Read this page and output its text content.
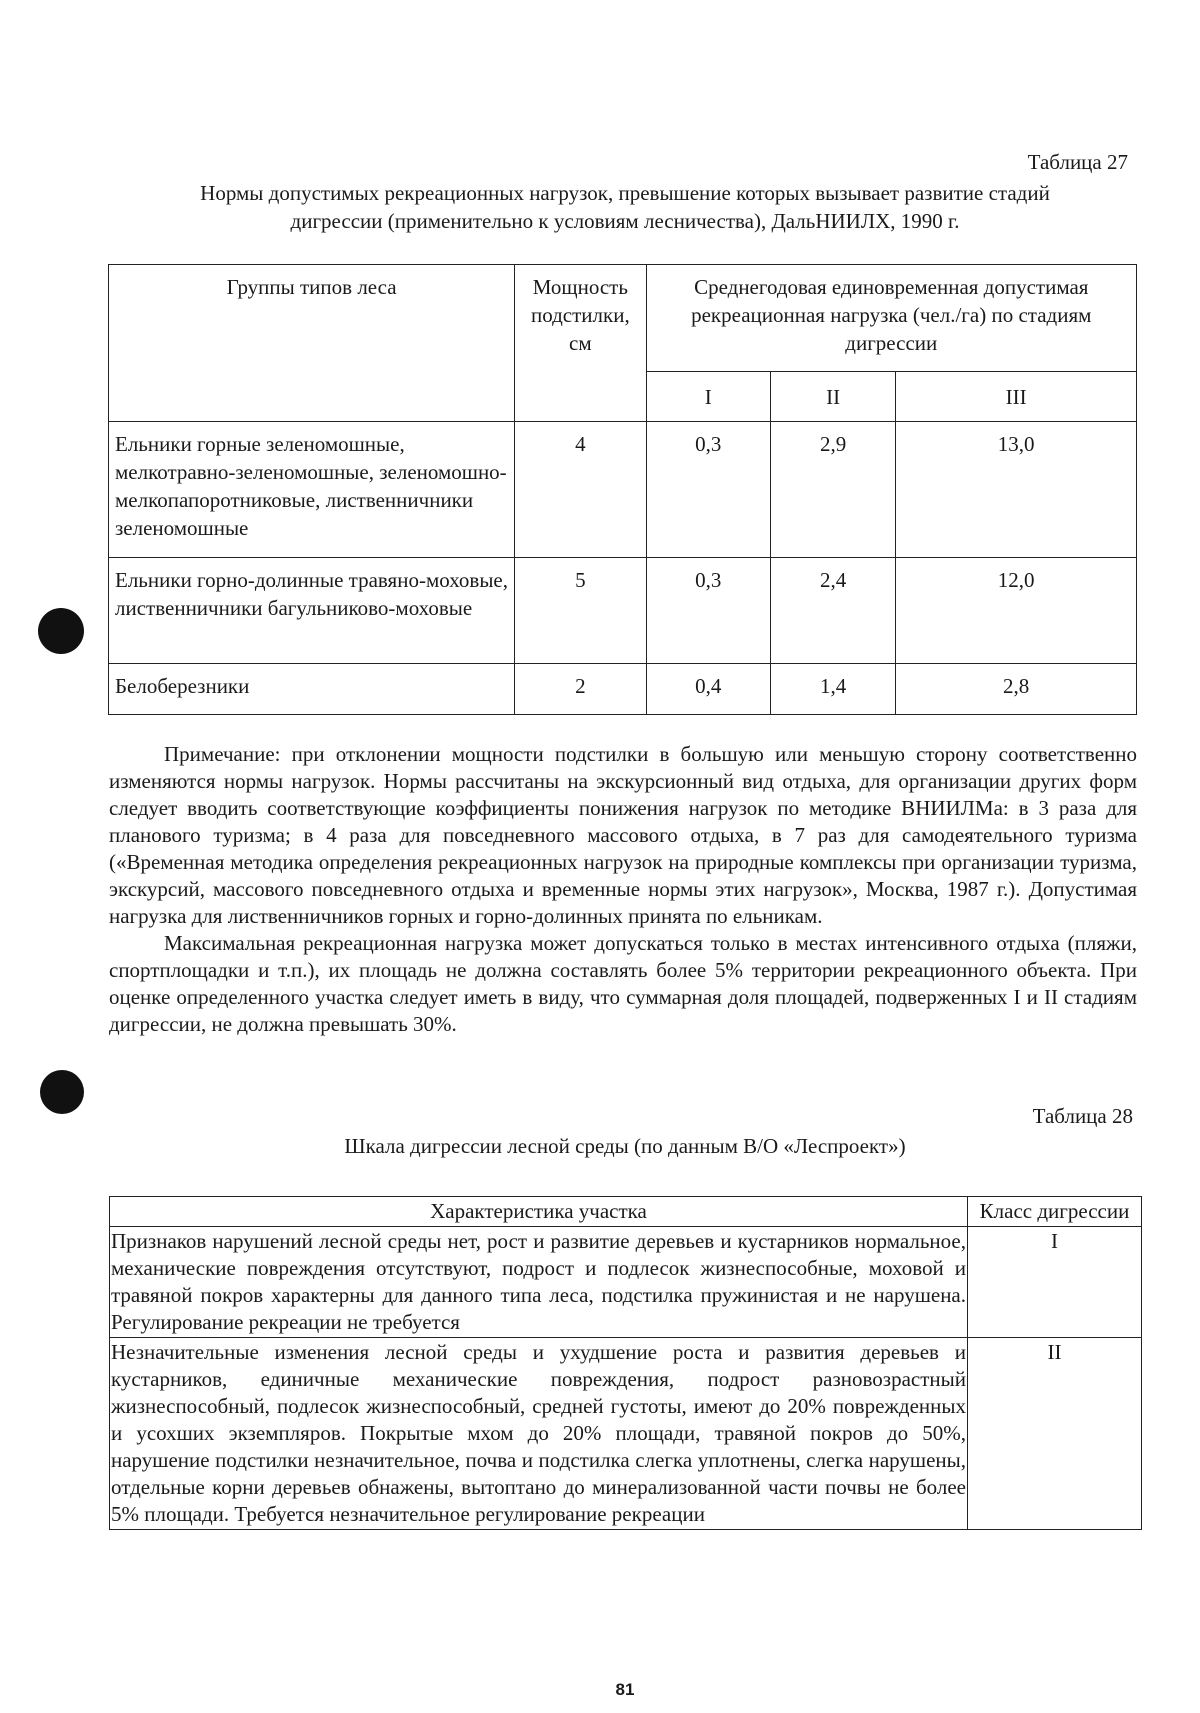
Таблица 27
Нормы допустимых рекреационных нагрузок, превышение которых вызывает развитие стадий
дигрессии (применительно к условиям лесничества), ДальНИИЛХ, 1990 г.
Группы типов леса	Мощность подстилки, см	Среднегодовая единовременная допустимая рекреационная нагрузка (чел./га) по стадиям дигрессии		
		I	II	III
Ельники горные зеленомошные, мелкотравно-зеленомошные, зеленомошно-мелкопапоротниковые, лиственничники зеленомошные	4	0,3	2,9	13,0
Ельники горно-долинные травяно-моховые, лиственничники багульниково-моховые	5	0,3	2,4	12,0
Белоберезники	2	0,4	1,4	2,8

Примечание: при отклонении мощности подстилки в большую или меньшую сторону соответственно изменяются нормы нагрузок. Нормы рассчитаны на экскурсионный вид отдыха, для организации других форм следует вводить соответствующие коэффициенты понижения нагрузок по методике ВНИИЛМа: в 3 раза для планового туризма; в 4 раза для повседневного массового отдыха, в 7 раз для самодеятельного туризма («Временная методика определения рекреационных нагрузок на природные комплексы при организации туризма, экскурсий, массового повседневного отдыха и временные нормы этих нагрузок», Москва, 1987 г.). Допустимая нагрузка для лиственничников горных и горно-долинных принята по ельникам.

Максимальная рекреационная нагрузка может допускаться только в местах интенсивного отдыха (пляжи, спортплощадки и т.п.), их площадь не должна составлять более 5% территории рекреационного объекта. При оценке определенного участка следует иметь в виду, что суммарная доля площадей, подверженных I и II стадиям дигрессии, не должна превышать 30%.

Таблица 28
Шкала дигрессии лесной среды (по данным В/О «Леспроект»)
Характеристика участка	Класс дигрессии
Признаков нарушений лесной среды нет, рост и развитие деревьев и кустарников нормальное, механические повреждения отсутствуют, подрост и подлесок жизнеспособные, моховой и травяной покров характерны для данного типа леса, подстилка пружинистая и не нарушена. Регулирование рекреации не требуется	I
Незначительные изменения лесной среды и ухудшение роста и развития деревьев и кустарников, единичные механические повреждения, подрост разновозрастный жизнеспособный, подлесок жизнеспособный, средней густоты, имеют до 20% поврежденных и усохших экземпляров. Покрытые мхом до 20% площади, травяной покров до 50%, нарушение подстилки незначительное, почва и подстилка слегка уплотнены, слегка нарушены, отдельные корни деревьев обнажены, вытоптано до минерализованной части почвы не более 5% площади. Требуется незначительное регулирование рекреации	II
81
